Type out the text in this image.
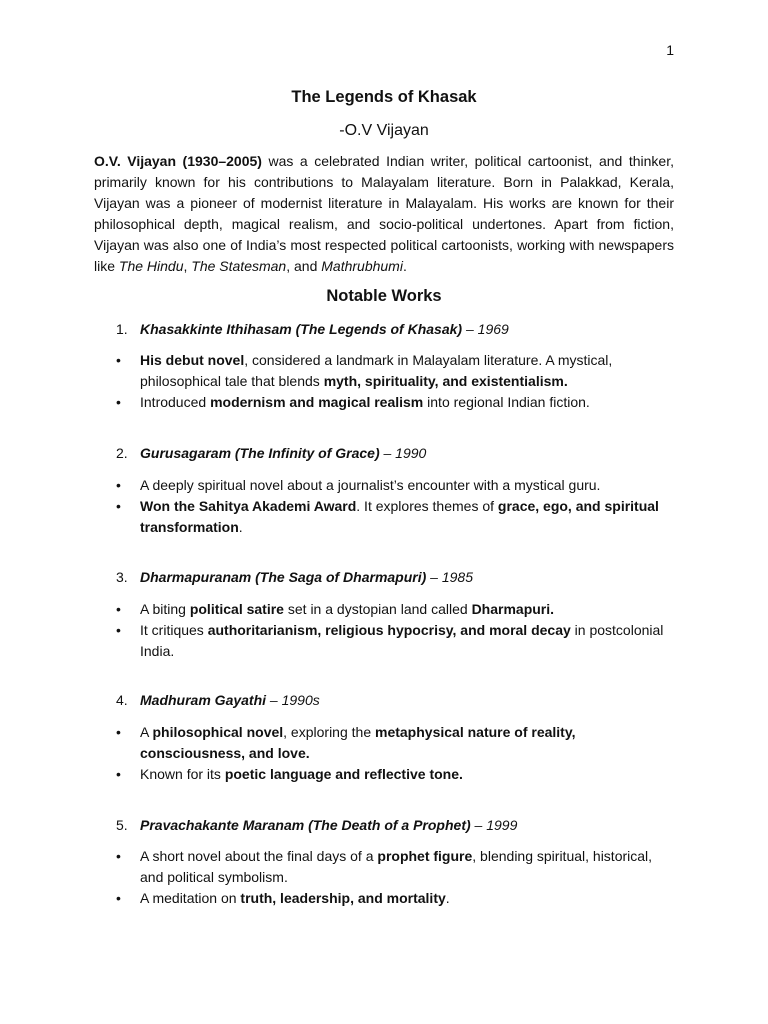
1
The Legends of Khasak
-O.V Vijayan
O.V. Vijayan (1930–2005) was a celebrated Indian writer, political cartoonist, and thinker, primarily known for his contributions to Malayalam literature. Born in Palakkad, Kerala, Vijayan was a pioneer of modernist literature in Malayalam. His works are known for their philosophical depth, magical realism, and socio-political undertones. Apart from fiction, Vijayan was also one of India’s most respected political cartoonists, working with newspapers like The Hindu, The Statesman, and Mathrubhumi.
Notable Works
1. Khasakkinte Ithihasam (The Legends of Khasak) – 1969
• His debut novel, considered a landmark in Malayalam literature. A mystical, philosophical tale that blends myth, spirituality, and existentialism.
• Introduced modernism and magical realism into regional Indian fiction.
2. Gurusagaram (The Infinity of Grace) – 1990
• A deeply spiritual novel about a journalist’s encounter with a mystical guru.
• Won the Sahitya Akademi Award. It explores themes of grace, ego, and spiritual transformation.
3. Dharmapuranam (The Saga of Dharmapuri) – 1985
• A biting political satire set in a dystopian land called Dharmapuri.
• It critiques authoritarianism, religious hypocrisy, and moral decay in postcolonial India.
4. Madhuram Gayathi – 1990s
• A philosophical novel, exploring the metaphysical nature of reality, consciousness, and love.
• Known for its poetic language and reflective tone.
5. Pravachakante Maranam (The Death of a Prophet) – 1999
• A short novel about the final days of a prophet figure, blending spiritual, historical, and political symbolism.
• A meditation on truth, leadership, and mortality.
